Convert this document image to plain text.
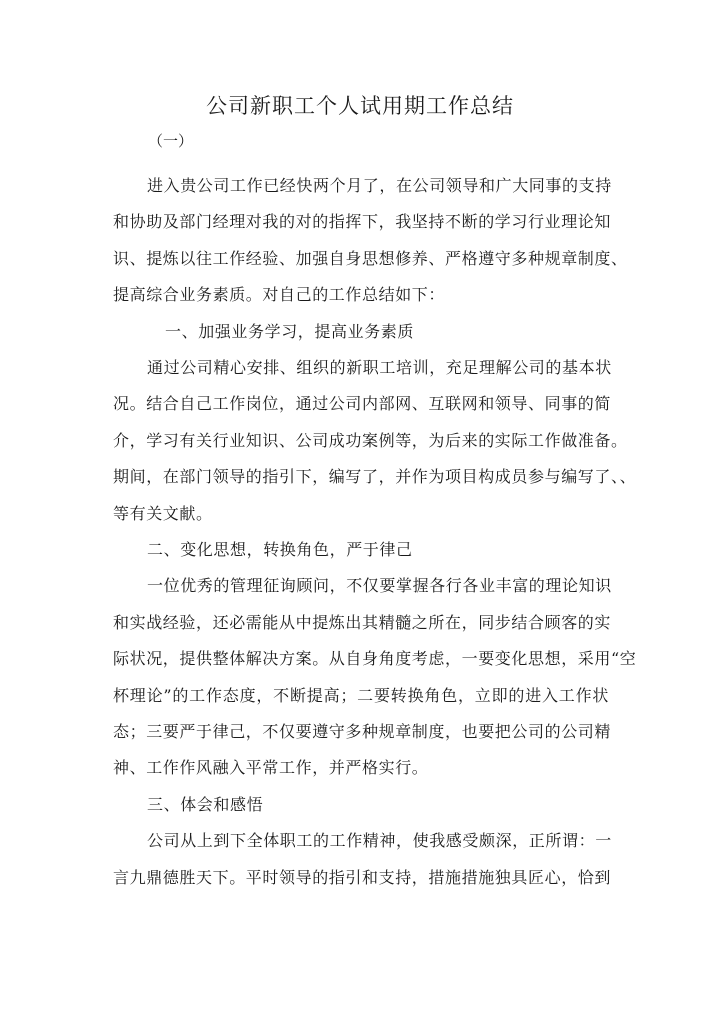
公司新职工个人试用期工作总结

（一）

进入贵公司工作已经快两个月了，在公司领导和广大同事的支持
和协助及部门经理对我的对的指挥下，我坚持不断的学习行业理论知
识、提炼以往工作经验、加强自身思想修养、严格遵守多种规章制度、
提高综合业务素质。对自己的工作总结如下：
一、加强业务学习，提高业务素质
通过公司精心安排、组织的新职工培训，充足理解公司的基本状
况。结合自己工作岗位，通过公司内部网、互联网和领导、同事的简
介，学习有关行业知识、公司成功案例等，为后来的实际工作做准备。
期间，在部门领导的指引下，编写了，并作为项目构成员参与编写了、、
等有关文献。
二、变化思想，转换角色，严于律己
一位优秀的管理征询顾问，不仅要掌握各行各业丰富的理论知识
和实战经验，还必需能从中提炼出其精髓之所在，同步结合顾客的实
际状况，提供整体解决方案。从自身角度考虑，一要变化思想，采用“空
杯理论”的工作态度，不断提高；二要转换角色，立即的进入工作状
态；三要严于律己，不仅要遵守多种规章制度，也要把公司的公司精
神、工作作风融入平常工作，并严格实行。
三、体会和感悟
公司从上到下全体职工的工作精神，使我感受颇深，正所谓：一
言九鼎德胜天下。平时领导的指引和支持，措施措施独具匠心，恰到
